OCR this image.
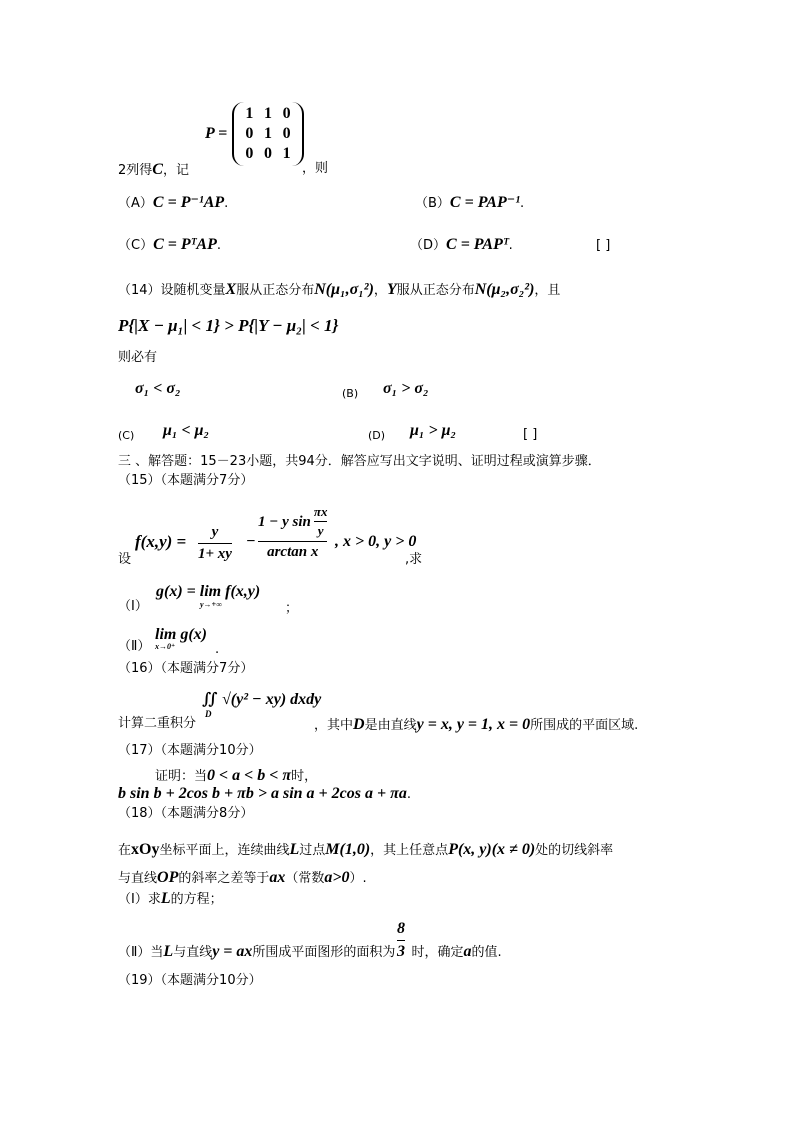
P =
1	1	0
0	1	0
0	0	1
2列得C，记	，则
（A）C = P⁻¹AP.	（B）C = PAP⁻¹.
（C）C = PᵀAP.	（D）C = PAPᵀ.	[ ]
（14）设随机变量X服从正态分布N(μ₁,σ₁²)，Y服从正态分布N(μ₂,σ₂²)，且
P{|X − μ₁| < 1} > P{|Y − μ₂| < 1}
则必有
σ₁ < σ₂	(B) σ₁ > σ₂
(C) μ₁ < μ₂	(D) μ₁ > μ₂	[ ]
三 、解答题：15－23小题，共94分．解答应写出文字说明、证明过程或演算步骤．
（15）（本题满分7分）
设
f(x,y) = y
1+ xy
−
1 − y sin
πx
y
arctan x
, x > 0, y > 0
,求
（Ⅰ）
g(x) = lim f(x,y)
y→+∞	；
（Ⅱ）
lim g(x)
x→0⁺	.
（16）（本题满分7分）
计算二重积分
∬ √(y² − xy) dxdy
D
，其中D是由直线y = x, y = 1, x = 0所围成的平面区域.
（17）（本题满分10分）
证明：当0 < a < b < π时，
b sin b + 2cos b + πb > a sin a + 2cos a + πa.
（18）（本题满分8分）
在xOy坐标平面上，连续曲线L过点M(1,0)，其上任意点P(x, y)(x ≠ 0)处的切线斜率
与直线OP的斜率之差等于ax（常数a>0）.
（Ⅰ）求L的方程；
（Ⅱ）当L与直线y = ax所围成平面图形的面积为 时，确定a的值.
8
3
（19）（本题满分10分）
